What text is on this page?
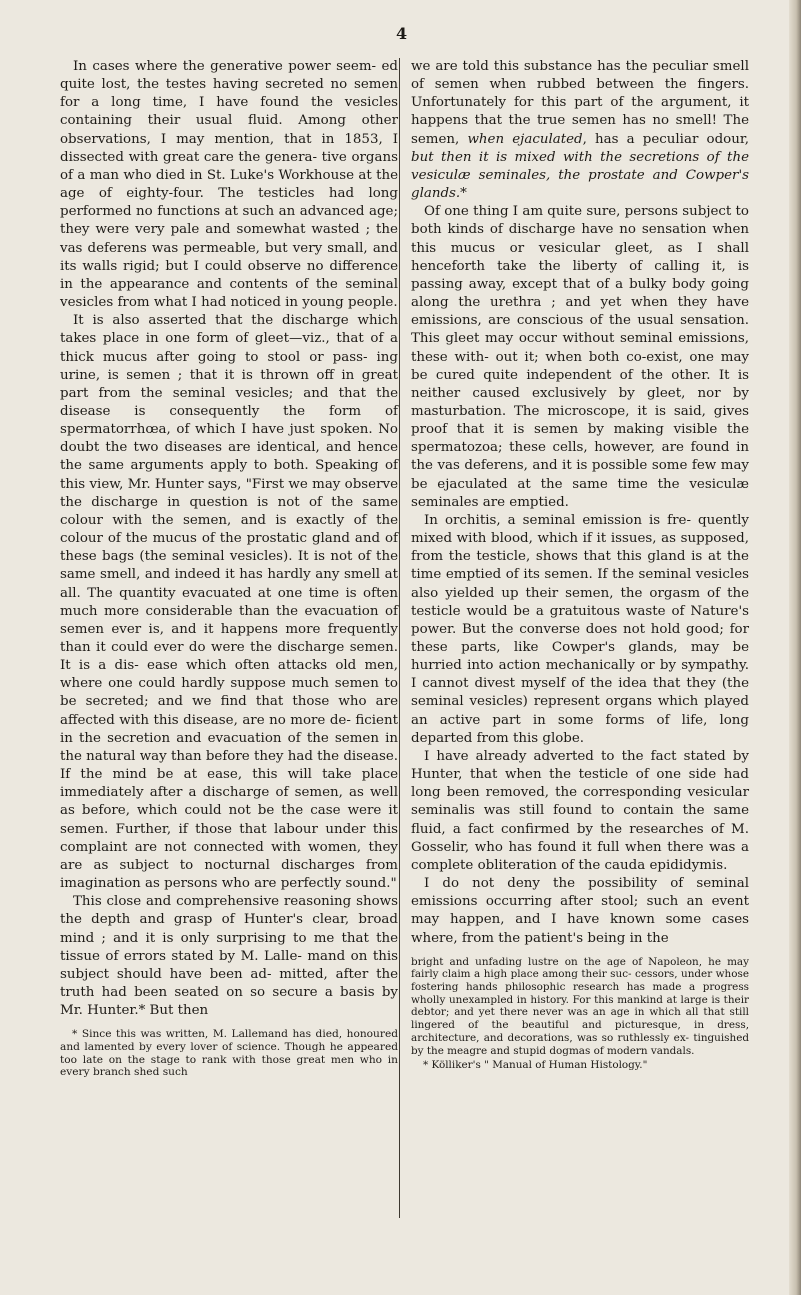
4

In cases where the generative power seem- ed quite lost, the testes having secreted no semen for a long time, I have found the vesicles containing their usual fluid. Among other observations, I may mention, that in 1853, I dissected with great care the genera- tive organs of a man who died in St. Luke's Workhouse at the age of eighty-four. The testicles had long performed no functions at such an advanced age; they were very pale and somewhat wasted ; the vas deferens was permeable, but very small, and its walls rigid; but I could observe no difference in the appearance and contents of the seminal vesicles from what I had noticed in young people.

It is also asserted that the discharge which takes place in one form of gleet—viz., that of a thick mucus after going to stool or pass- ing urine, is semen ; that it is thrown off in great part from the seminal vesicles; and that the disease is consequently the form of spermatorrhœa, of which I have just spoken. No doubt the two diseases are identical, and hence the same arguments apply to both. Speaking of this view, Mr. Hunter says, "First we may observe the discharge in question is not of the same colour with the semen, and is exactly of the colour of the mucus of the prostatic gland and of these bags (the seminal vesicles). It is not of the same smell, and indeed it has hardly any smell at all. The quantity evacuated at one time is often much more considerable than the evacuation of semen ever is, and it happens more frequently than it could ever do were the discharge semen. It is a dis- ease which often attacks old men, where one could hardly suppose much semen to be secreted; and we find that those who are affected with this disease, are no more de- ficient in the secretion and evacuation of the semen in the natural way than before they had the disease. If the mind be at ease, this will take place immediately after a discharge of semen, as well as before, which could not be the case were it semen. Further, if those that labour under this complaint are not connected with women, they are as subject to nocturnal discharges from imagination as persons who are perfectly sound."

This close and comprehensive reasoning shows the depth and grasp of Hunter's clear, broad mind ; and it is only surprising to me that the tissue of errors stated by M. Lalle- mand on this subject should have been ad- mitted, after the truth had been seated on so secure a basis by Mr. Hunter.* But then

* Since this was written, M. Lallemand has died, honoured and lamented by every lover of science. Though he appeared too late on the stage to rank with those great men who in every branch shed such

we are told this substance has the peculiar smell of semen when rubbed between the fingers. Unfortunately for this part of the argument, it happens that the true semen has no smell! The semen, when ejaculated, has a peculiar odour, but then it is mixed with the secretions of the vesiculæ seminales, the prostate and Cowper's glands.*

Of one thing I am quite sure, persons subject to both kinds of discharge have no sensation when this mucus or vesicular gleet, as I shall henceforth take the liberty of calling it, is passing away, except that of a bulky body going along the urethra ; and yet when they have emissions, are conscious of the usual sensation. This gleet may occur without seminal emissions, these with- out it; when both co-exist, one may be cured quite independent of the other. It is neither caused exclusively by gleet, nor by masturbation. The microscope, it is said, gives proof that it is semen by making visible the spermatozoa; these cells, however, are found in the vas deferens, and it is possible some few may be ejaculated at the same time the vesiculæ seminales are emptied.

In orchitis, a seminal emission is fre- quently mixed with blood, which if it issues, as supposed, from the testicle, shows that this gland is at the time emptied of its semen. If the seminal vesicles also yielded up their semen, the orgasm of the testicle would be a gratuitous waste of Nature's power. But the converse does not hold good; for these parts, like Cowper's glands, may be hurried into action mechanically or by sympathy. I cannot divest myself of the idea that they (the seminal vesicles) represent organs which played an active part in some forms of life, long departed from this globe.

I have already adverted to the fact stated by Hunter, that when the testicle of one side had long been removed, the corresponding vesicular seminalis was still found to contain the same fluid, a fact confirmed by the researches of M. Gosselir, who has found it full when there was a complete obliteration of the cauda epididymis.

I do not deny the possibility of seminal emissions occurring after stool; such an event may happen, and I have known some cases where, from the patient's being in the

bright and unfading lustre on the age of Napoleon, he may fairly claim a high place among their suc- cessors, under whose fostering hands philosophic research has made a progress wholly unexampled in history. For this mankind at large is their debtor; and yet there never was an age in which all that still lingered of the beautiful and picturesque, in dress, architecture, and decorations, was so ruthlessly ex- tinguished by the meagre and stupid dogmas of modern vandals.

* Kölliker's " Manual of Human Histology."
